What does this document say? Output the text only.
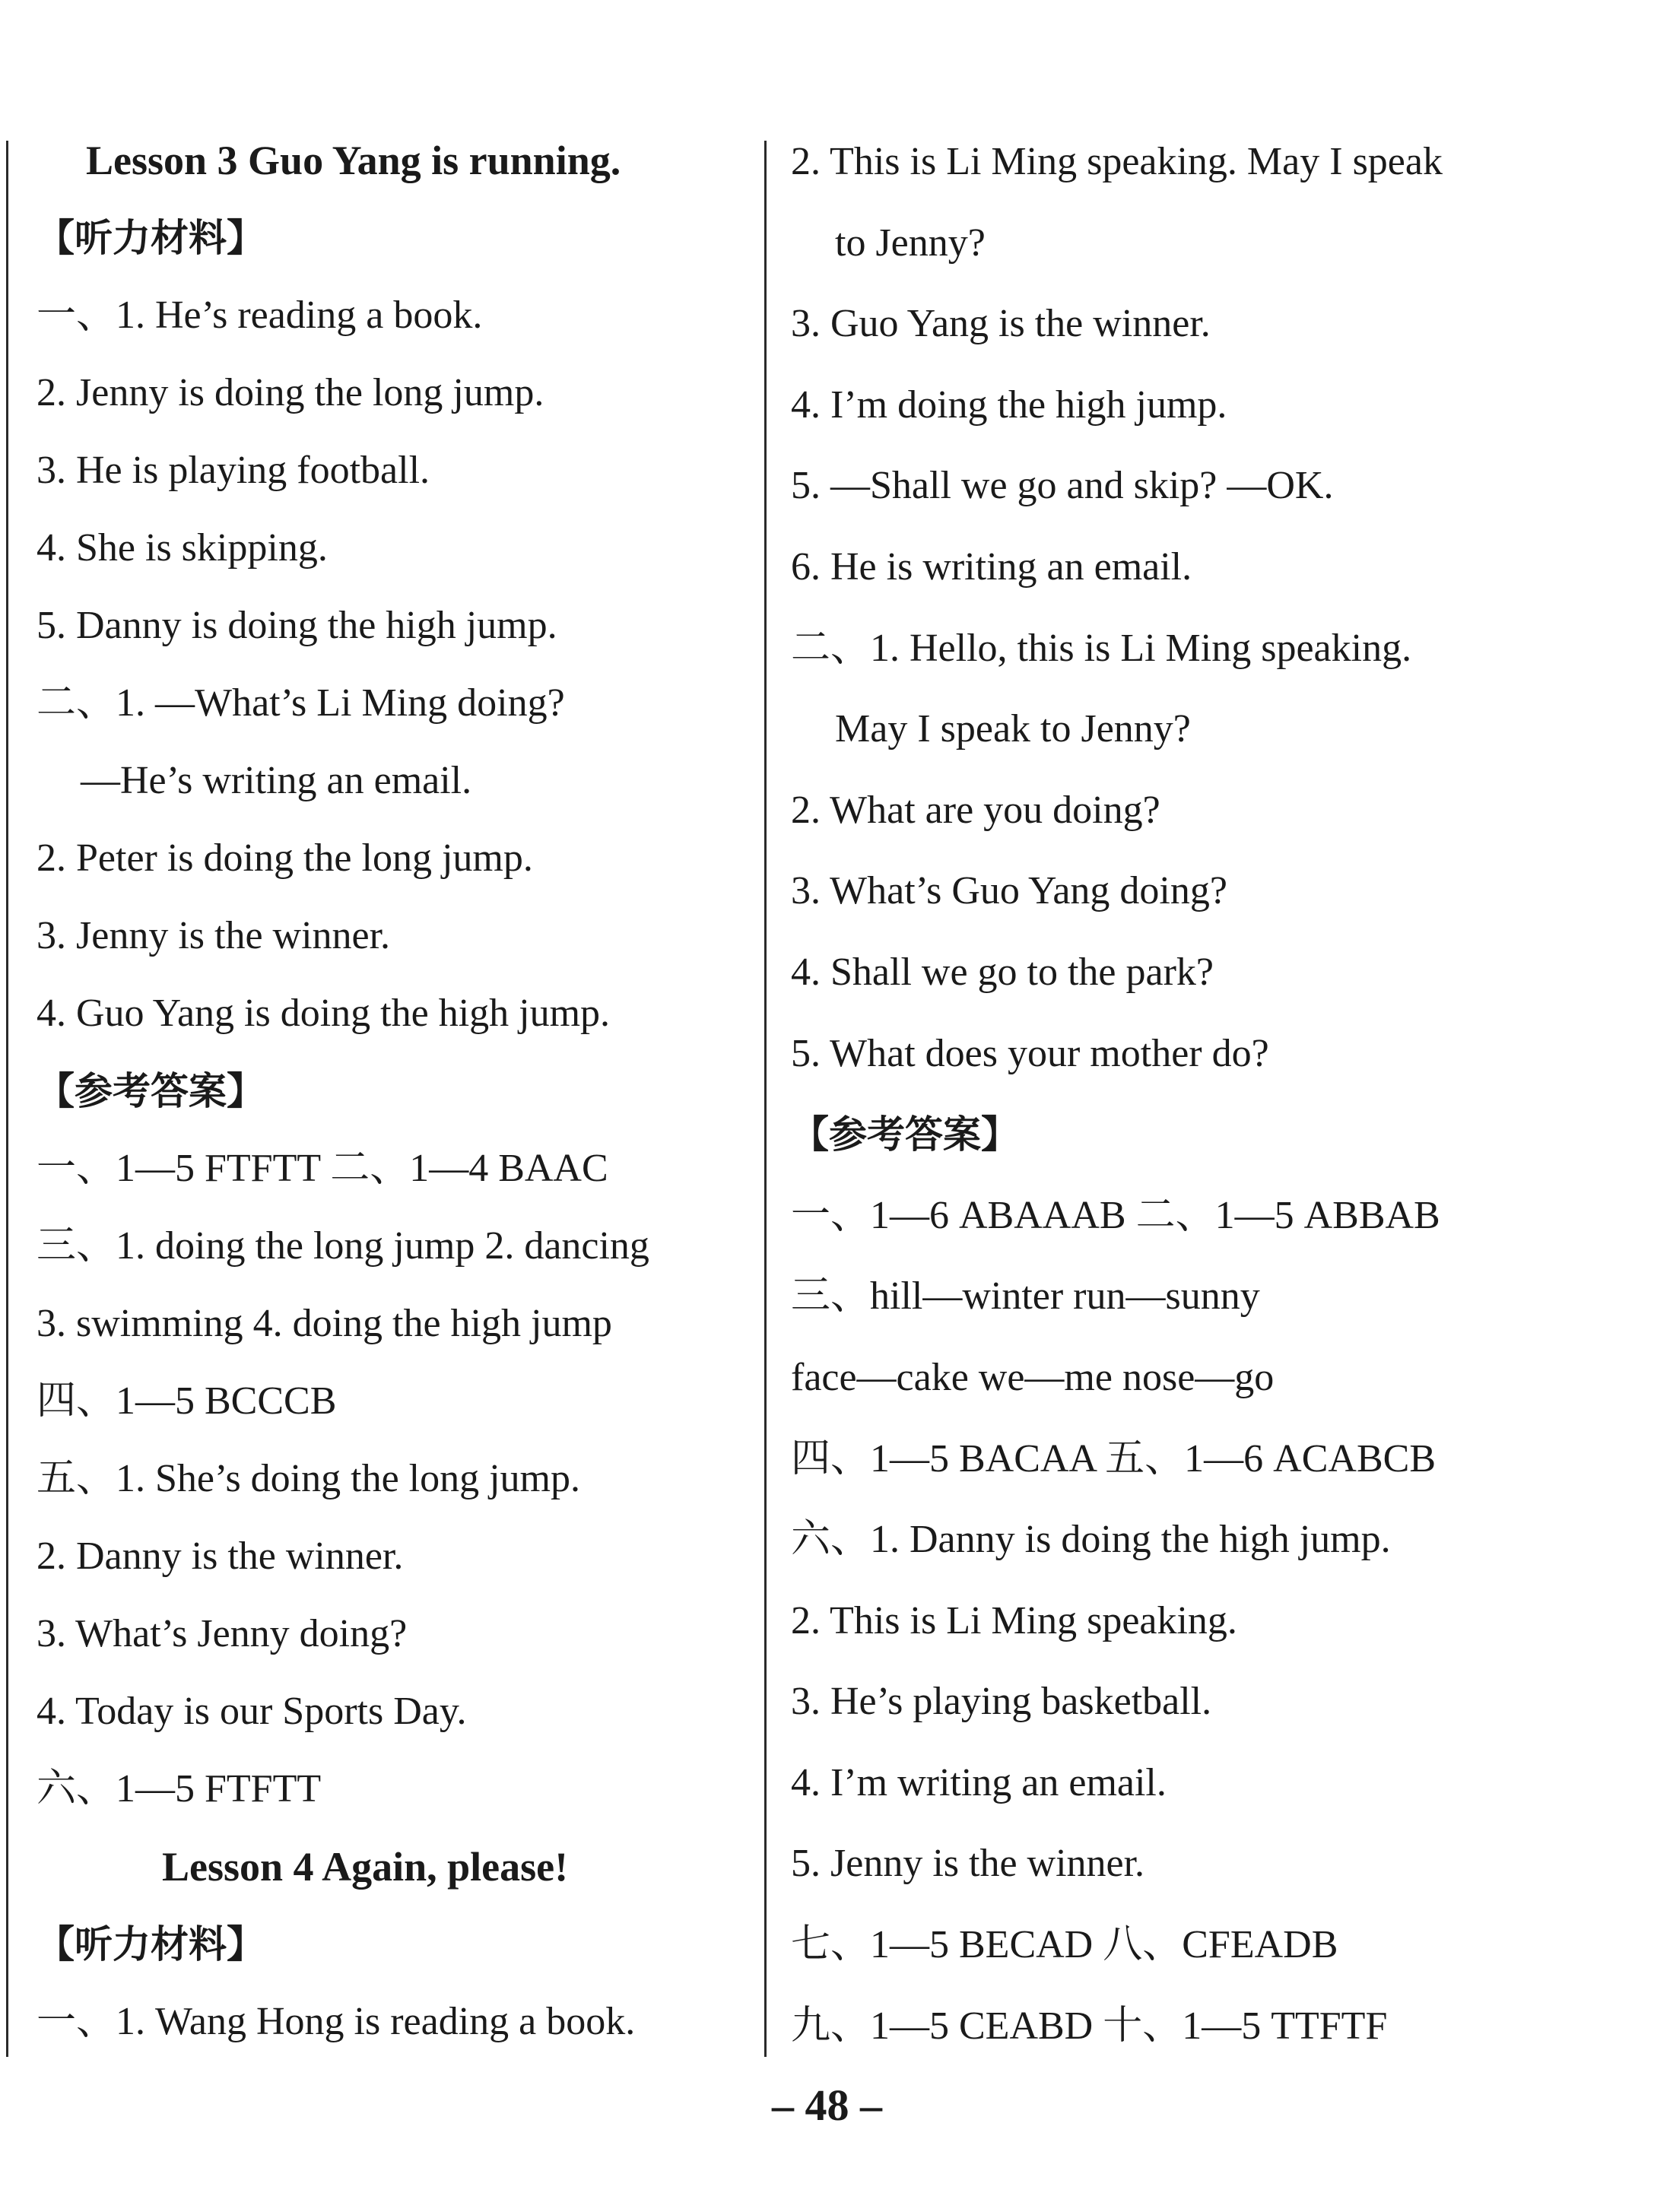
Lesson 3 Guo Yang is running.
【听力材料】
一、1. He’s reading a book.
2. Jenny is doing the long jump.
3. He is playing football.
4. She is skipping.
5. Danny is doing the high jump.
二、1. —What’s Li Ming doing?
—He’s writing an email.
2. Peter is doing the long jump.
3. Jenny is the winner.
4. Guo Yang is doing the high jump.
【参考答案】
一、1—5 FTFTT 二、1—4 BAAC
三、1. doing the long jump 2. dancing
3. swimming 4. doing the high jump
四、1—5 BCCCB
五、1. She’s doing the long jump.
2. Danny is the winner.
3. What’s Jenny doing?
4. Today is our Sports Day.
六、1—5 FTFTT
Lesson 4 Again, please!
【听力材料】
一、1. Wang Hong is reading a book.
2. This is Li Ming speaking. May I speak
to Jenny?
3. Guo Yang is the winner.
4. I’m doing the high jump.
5. —Shall we go and skip? —OK.
6. He is writing an email.
二、1. Hello, this is Li Ming speaking.
May I speak to Jenny?
2. What are you doing?
3. What’s Guo Yang doing?
4. Shall we go to the park?
5. What does your mother do?
【参考答案】
一、1—6 ABAAAB 二、1—5 ABBAB
三、hill—winter run—sunny
face—cake we—me nose—go
四、1—5 BACAA 五、1—6 ACABCB
六、1. Danny is doing the high jump.
2. This is Li Ming speaking.
3. He’s playing basketball.
4. I’m writing an email.
5. Jenny is the winner.
七、1—5 BECAD 八、CFEADB
九、1—5 CEABD 十、1—5 TTFTF
– 48 –
